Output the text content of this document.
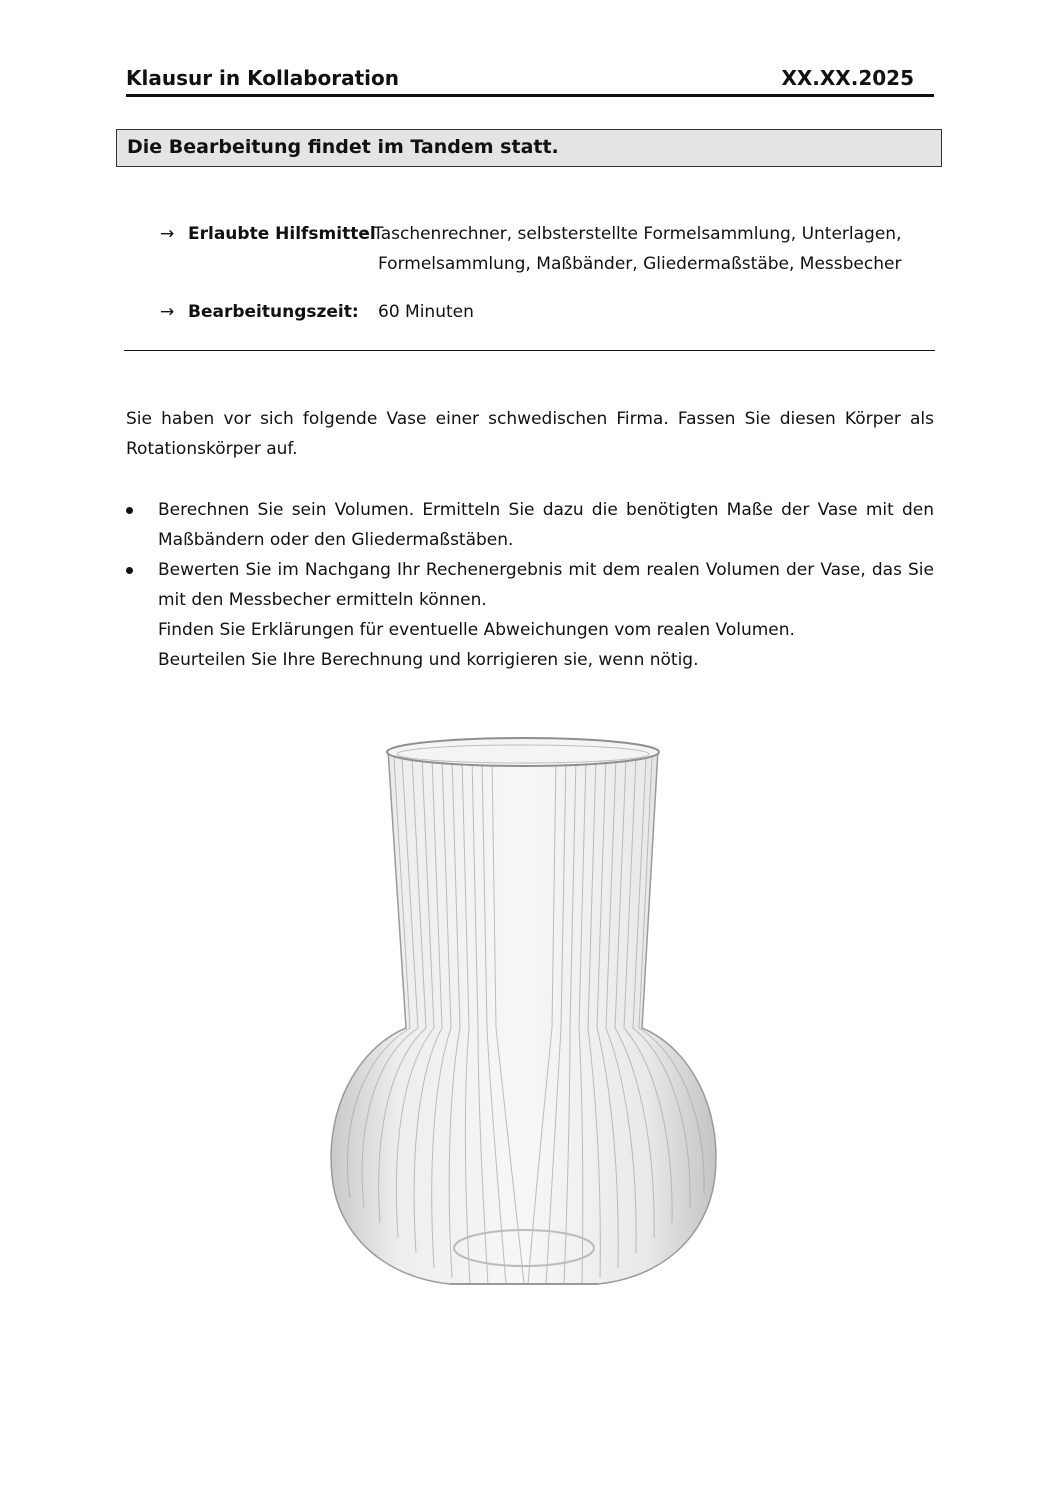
Klausur in Kollaboration	XX.XX.2025
Die Bearbeitung findet im Tandem statt.
→ Erlaubte Hilfsmittel
: Taschenrechner, selbsterstellte Formelsammlung, Unterlagen,
Formelsammlung, Maßbänder, Gliedermaßstäbe, Messbecher
→ Bearbeitungszeit: 60 Minuten
Sie haben vor sich folgende Vase einer schwedischen Firma. Fassen Sie diesen Körper als Rotationskörper auf.
Berechnen Sie sein Volumen. Ermitteln Sie dazu die benötigten Maße der Vase mit den Maßbändern oder den Gliedermaßstäben.
Bewerten Sie im Nachgang Ihr Rechenergebnis mit dem realen Volumen der Vase, das Sie mit den Messbecher ermitteln können.
Finden Sie Erklärungen für eventuelle Abweichungen vom realen Volumen.
Beurteilen Sie Ihre Berechnung und korrigieren sie, wenn nötig.
